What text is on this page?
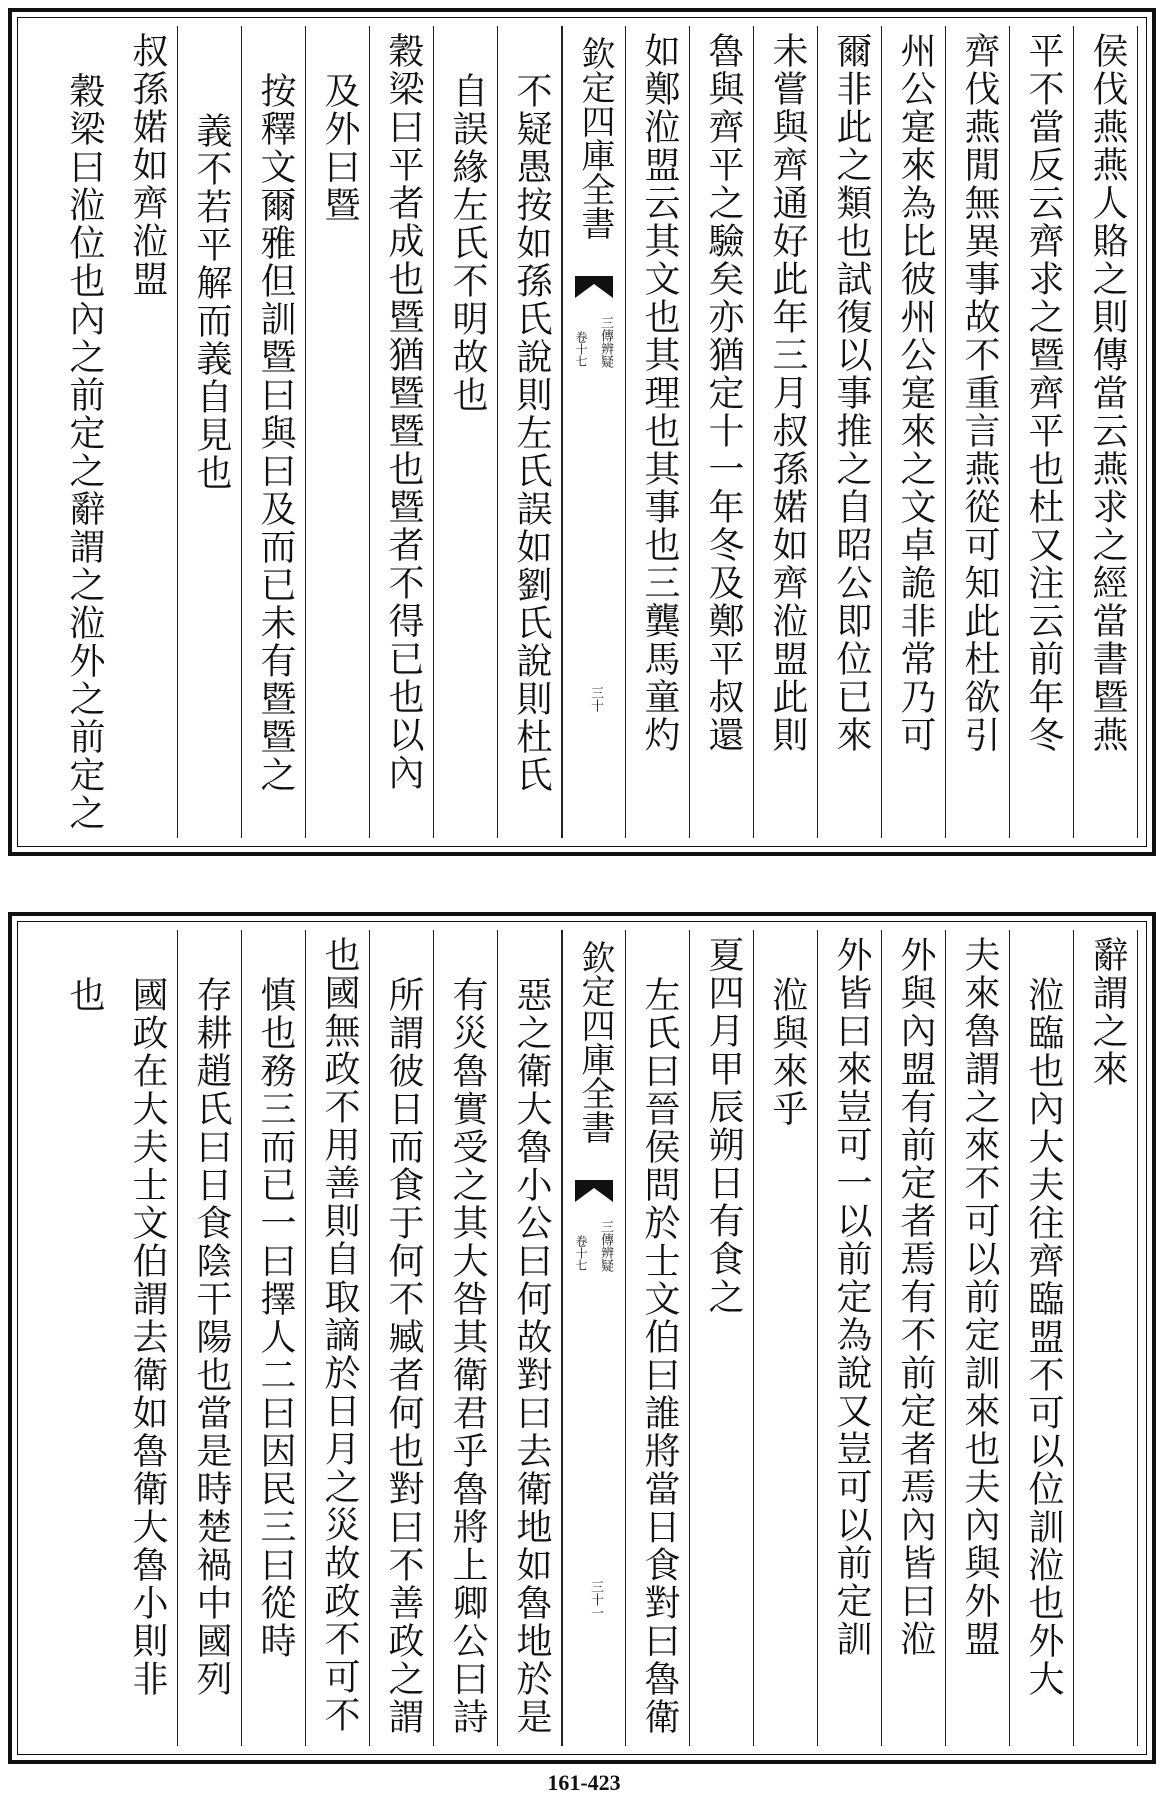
侯伐燕燕人賂之則傳當云燕求之經當書暨燕
平不當反云齊求之暨齊平也杜又注云前年冬
齊伐燕閒無異事故不重言燕從可知此杜欲引
州公寔來為比彼州公寔來之文卓詭非常乃可
爾非此之類也試復以事推之自昭公即位已來
未嘗與齊通好此年三月叔孫婼如齊涖盟此則
魯與齊平之驗矣亦猶定十一年冬及鄭平叔還
如鄭涖盟云其文也其理也其事也三龔馬童灼
欽定四庫全書
三傳辨疑
卷十七
三十
不疑愚按如孫氏說則左氏誤如劉氏說則杜氏
自誤緣左氏不明故也
穀梁曰平者成也暨猶暨暨也暨者不得已也以內
及外曰暨
按釋文爾雅但訓暨曰與曰及而已未有暨暨之
義不若平解而義自見也
叔孫婼如齊涖盟
穀梁曰涖位也內之前定之辭謂之涖外之前定之
辭謂之來
涖臨也內大夫往齊臨盟不可以位訓涖也外大
夫來魯謂之來不可以前定訓來也夫內與外盟
外與內盟有前定者焉有不前定者焉內皆曰涖
外皆曰來豈可一以前定為說又豈可以前定訓
涖與來乎
夏四月甲辰朔日有食之
左氏曰晉侯問於士文伯曰誰將當日食對曰魯衛
欽定四庫全書
三傳辨疑
卷十七
三十一
惡之衛大魯小公曰何故對曰去衛地如魯地於是
有災魯實受之其大咎其衛君乎魯將上卿公曰詩
所謂彼日而食于何不臧者何也對曰不善政之謂
也國無政不用善則自取謫於日月之災故政不可不
慎也務三而已一曰擇人二曰因民三曰從時
存耕趙氏曰日食陰干陽也當是時楚禍中國列
國政在大夫士文伯謂去衛如魯衛大魯小則非
也
161-423
